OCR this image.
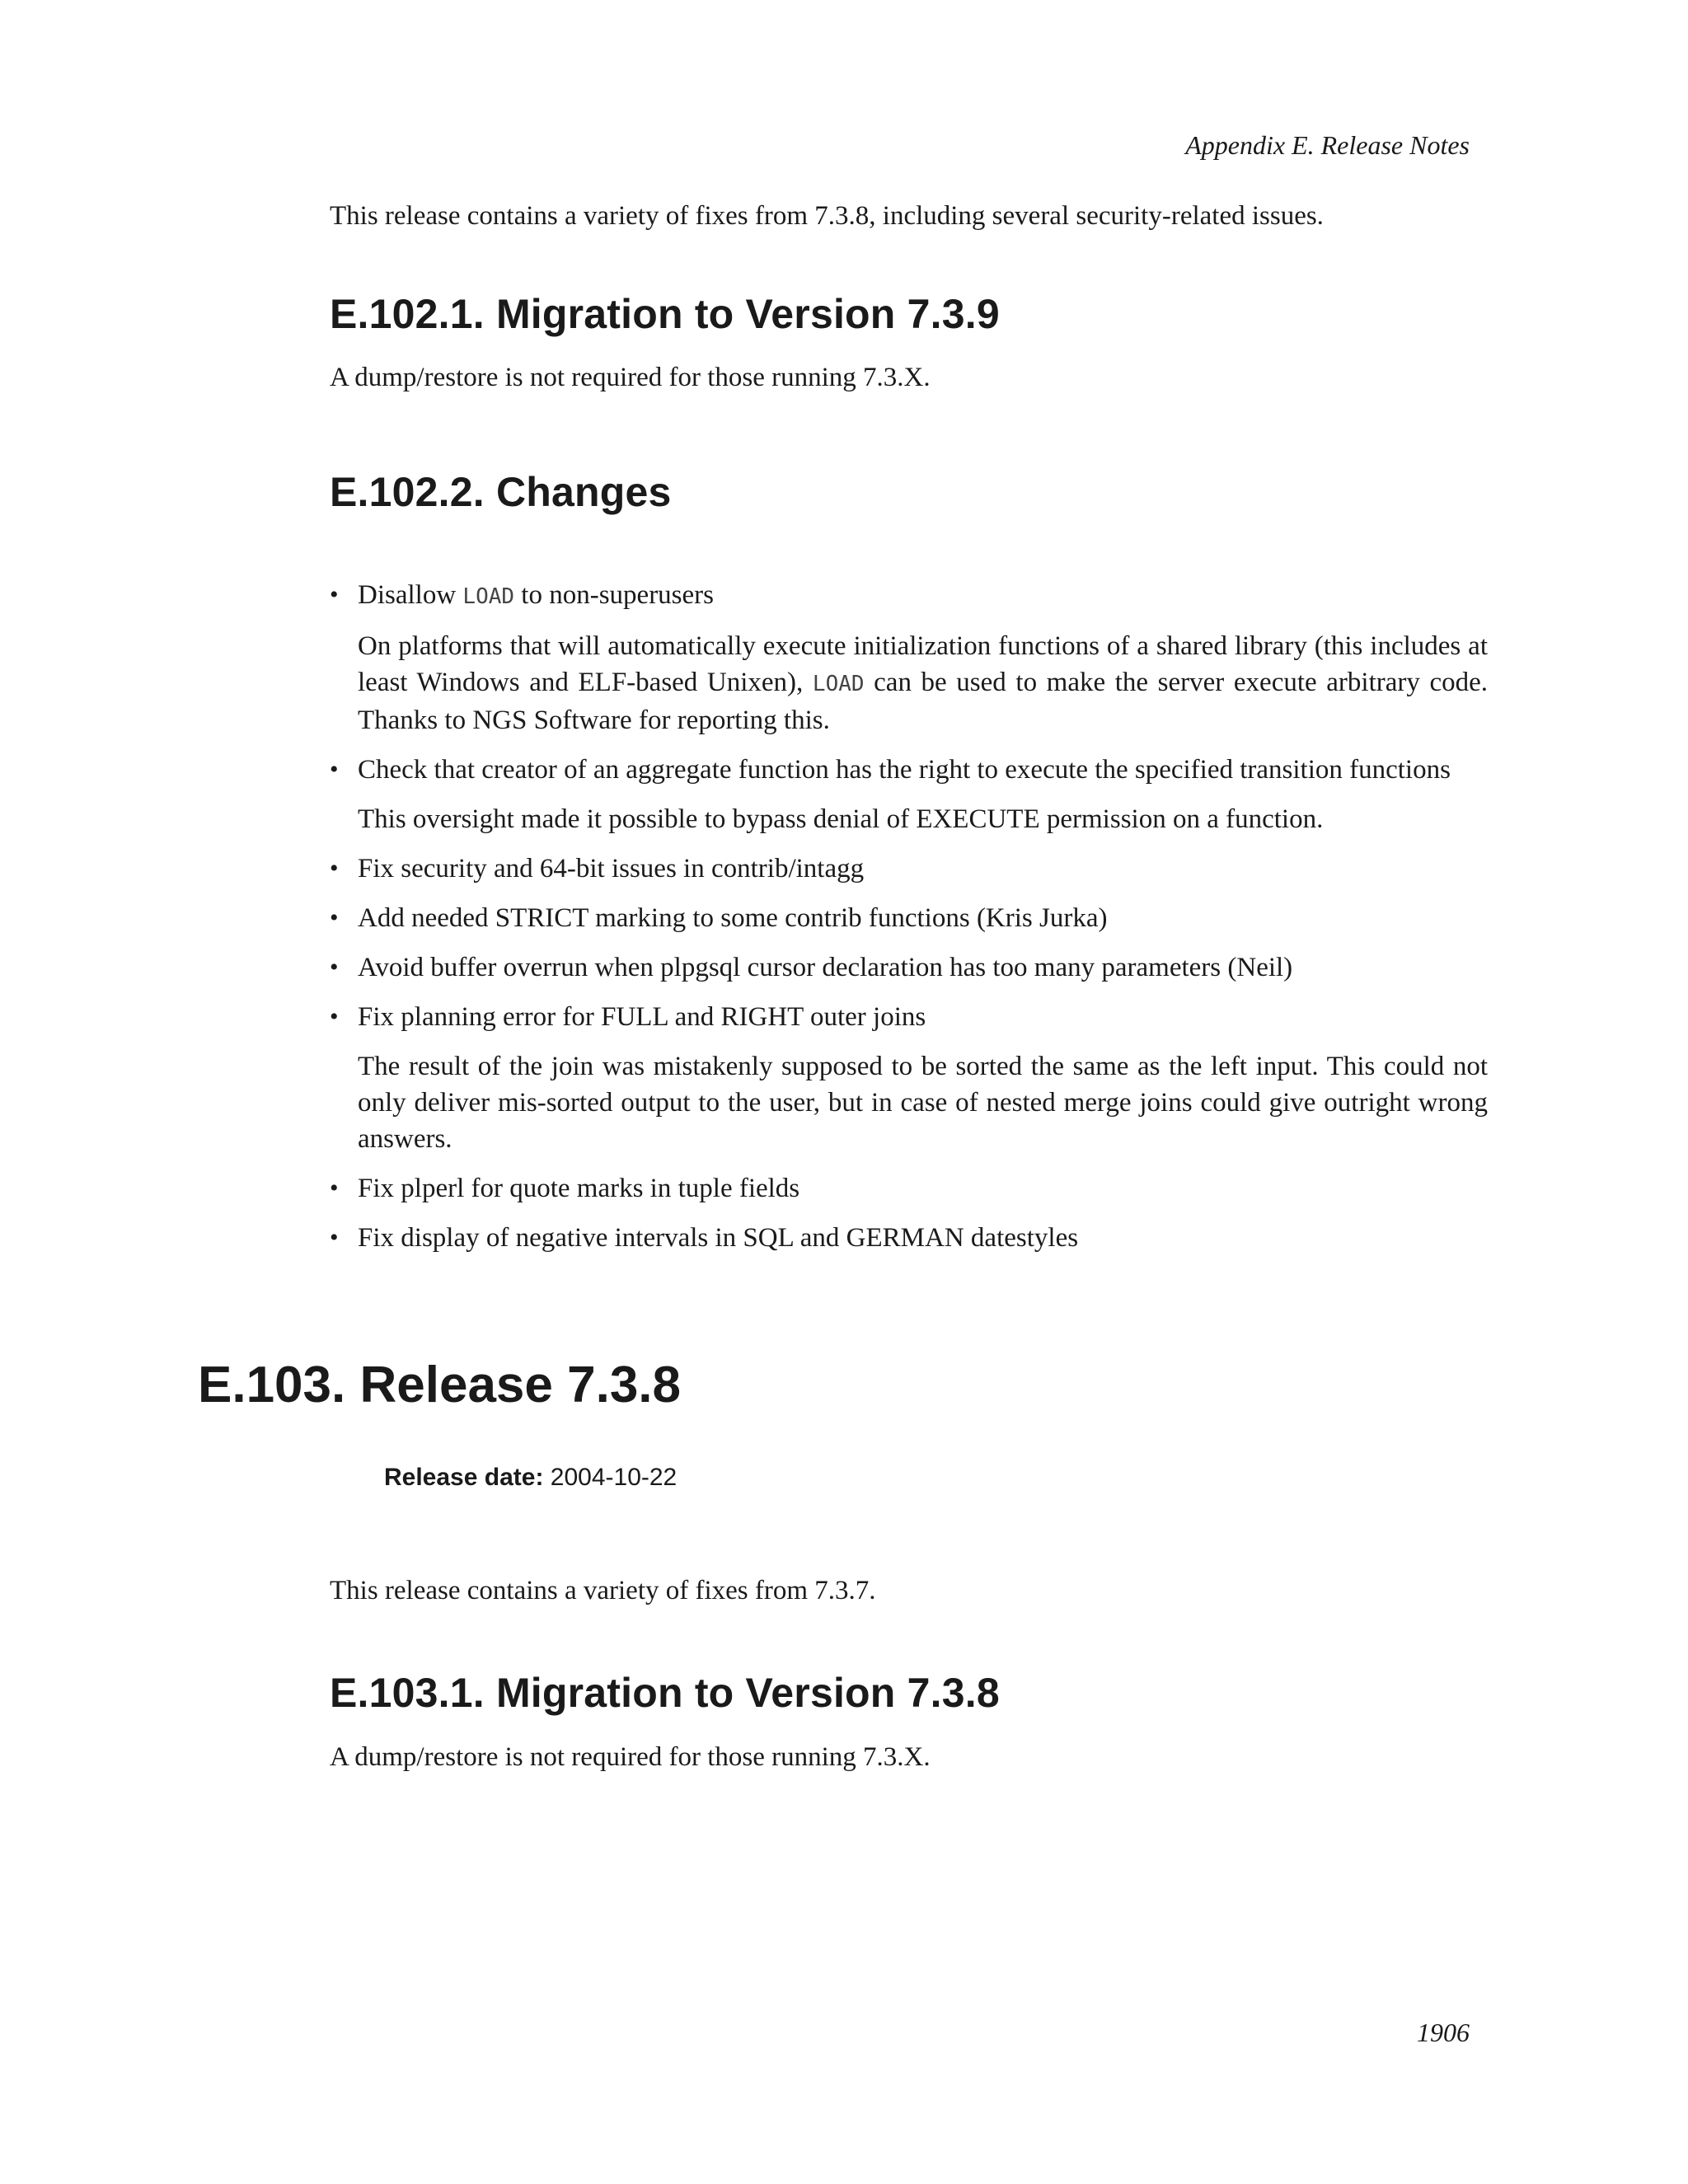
Appendix E. Release Notes

This release contains a variety of fixes from 7.3.8, including several security-related issues.

E.102.1. Migration to Version 7.3.9

A dump/restore is not required for those running 7.3.X.

E.102.2. Changes
• Disallow LOAD to non-superusers

On platforms that will automatically execute initialization functions of a shared library (this includes at least Windows and ELF-based Unixen), LOAD can be used to make the server execute arbitrary code. Thanks to NGS Software for reporting this.

• Check that creator of an aggregate function has the right to execute the specified transition functions

This oversight made it possible to bypass denial of EXECUTE permission on a function.

• Fix security and 64-bit issues in contrib/intagg

• Add needed STRICT marking to some contrib functions (Kris Jurka)

• Avoid buffer overrun when plpgsql cursor declaration has too many parameters (Neil)

• Fix planning error for FULL and RIGHT outer joins

The result of the join was mistakenly supposed to be sorted the same as the left input. This could not only deliver mis-sorted output to the user, but in case of nested merge joins could give outright wrong answers.

• Fix plperl for quote marks in tuple fields

• Fix display of negative intervals in SQL and GERMAN datestyles

E.103. Release 7.3.8
Release date: 2004-10-22

This release contains a variety of fixes from 7.3.7.

E.103.1. Migration to Version 7.3.8

A dump/restore is not required for those running 7.3.X.

1906
